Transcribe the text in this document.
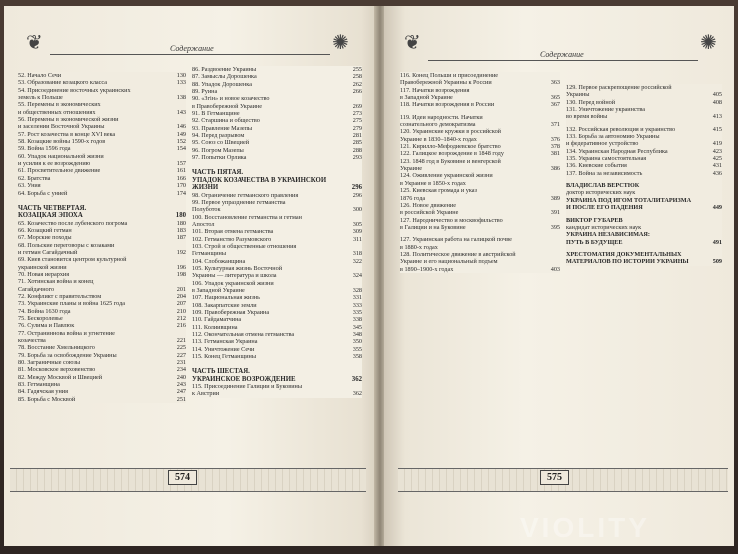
❦	✺
Содержание	❦	✺
Содержание
52. Начало Сечи	130
53. Образование козацкого класса	133
54. Присоединение восточных украинских
земель к Польше	138
55. Перемены в экономических
и общественных отношениях	143
56. Перемены в экономической жизни
и заселении Восточной Украины	146
57. Рост козачества в конце XVI века	149
58. Козацкие войны 1590-х годов	152
59. Война 1596 года	154
60. Упадок национальной жизни
и усилия к ее возрождению	157
61. Просветительное движение	161
62. Братства	166
63. Уния	170
64. Борьба с унией	174
ЧАСТЬ ЧЕТВЕРТАЯ.
КОЗАЦКАЯ ЭПОХА	180
65. Козачество после лубенского погрома	180
66. Козацкий гетман	183
67. Морские походы	187
68. Польские переговоры с козаками
и гетман Сагайдачный	192
69. Киев становится центром культурной
украинской жизни	196
70. Новая иерархия	198
71. Хотинская война и конец
Сагайдачного	201
72. Конфликт с правительством	204
73. Украинские планы и война 1625 года	207
74. Война 1630 года	210
75. Бескоролевье	212
76. Сулима и Павлюк	216
77. Остраниннова война и угнетение
козачества	221
78. Восстание Хмельницкого	225
79. Борьба за освобождение Украины	227
80. Заграничные союзы	231
81. Московское верховенство	234
82. Между Москвой и Швецией	240
83. Гетманщина	243
84. Гадячская уния	247
85. Борьба с Москвой	251
86. Раздвоение Украины	255
87. Замыслы Дорошенка	258
88. Упадок Дорошенка	262
89. Руина	266
90. «Згін» и новое козачество
в Правобережной Украине	269
91. В Гетманщине	273
92. Старшина и общество	275
93. Правление Мазепы	279
94. Перед разрывом	281
95. Союз со Швецией	285
96. Погром Мазепы	288
97. Попытки Орлика	293
ЧАСТЬ ПЯТАЯ.
УПАДОК КОЗАЧЕСТВА В УКРАИНСКОЙ
ЖИЗНИ	296
98. Ограничение гетманского правления	296
99. Первое упразднение гетманства
Полуботок	300
100. Восстановление гетманства и гетман
Апостол	305
101. Вторая отмена гетманства	309
102. Гетманство Разумовского	311
103. Строй и общественные отношения
Гетманщины	318
104. Слобожанщина	322
105. Культурная жизнь Восточной
Украины — литература и школа	324
106. Упадок украинской жизни
в Западной Украине	328
107. Национальная жизнь	331
108. Закарпатские земли	333
109. Правобережная Украина	335
110. Гайдаматчина	338
111. Колиивщина	345
112. Окончательная отмена гетманства	348
113. Гетманская Украина	350
114. Уничтожение Сечи	355
115. Конец Гетманщины	358
ЧАСТЬ ШЕСТАЯ.
УКРАИНСКОЕ ВОЗРОЖДЕНИЕ	362
115. Присоединение Галиции и Буковины
к Австрии	362
116. Конец Польши и присоединение
Правобережной Украины к России	363
117. Начатки возрождения
в Западной Украине	365
118. Начатки возрождения в России	367
119. Идеи народности. Начатки
сознательного демократизма	371
120. Украинские кружки в российской
Украине в 1830–1840-х годах	376
121. Кирилло-Мефодиевское братство	378
122. Галицкое возрождение в 1848 году	381
123. 1848 год в Буковине и венгерской
Украине	386
124. Оживление украинской жизни
в Украине в 1850-х годах
125. Киевская громада и указ
1876 года	389
126. Новое движение
в российской Украине	391
127. Народничество и москвофильство
в Галиции и на Буковине	395
127. Украинская работа на галицкой почве
в 1880-х годах
128. Политическое движение в австрийской
Украине и его национальный подъем
в 1890–1900-х годах	403
129. Первое раскрепощение российской
Украины	405
130. Перед войной	408
131. Уничтожение украинства
во время войны	413
132. Российская революция и украинство	415
133. Борьба за автономию Украины
и федеративное устройство	419
134. Украинская Народная Республика	423
135. Украина самостоятельная	425
136. Киевские события	431
137. Война за независимость	436
ВЛАДИСЛАВ ВЕРСТЮК
доктор исторических наук
УКРАИНА ПОД ИГОМ ТОТАЛИТАРИЗМА
И ПОСЛЕ ЕГО ПАДЕНИЯ	449
ВИКТОР ГУБАРЕВ
кандидат исторических наук
УКРАИНА НЕЗАВИСИМАЯ:
ПУТЬ В БУДУЩЕЕ	491
ХРЕСТОМАТИЯ ДОКУМЕНТАЛЬНЫХ
МАТЕРИАЛОВ ПО ИСТОРИИ УКРАИНЫ	509
574	575
VIOLITY
